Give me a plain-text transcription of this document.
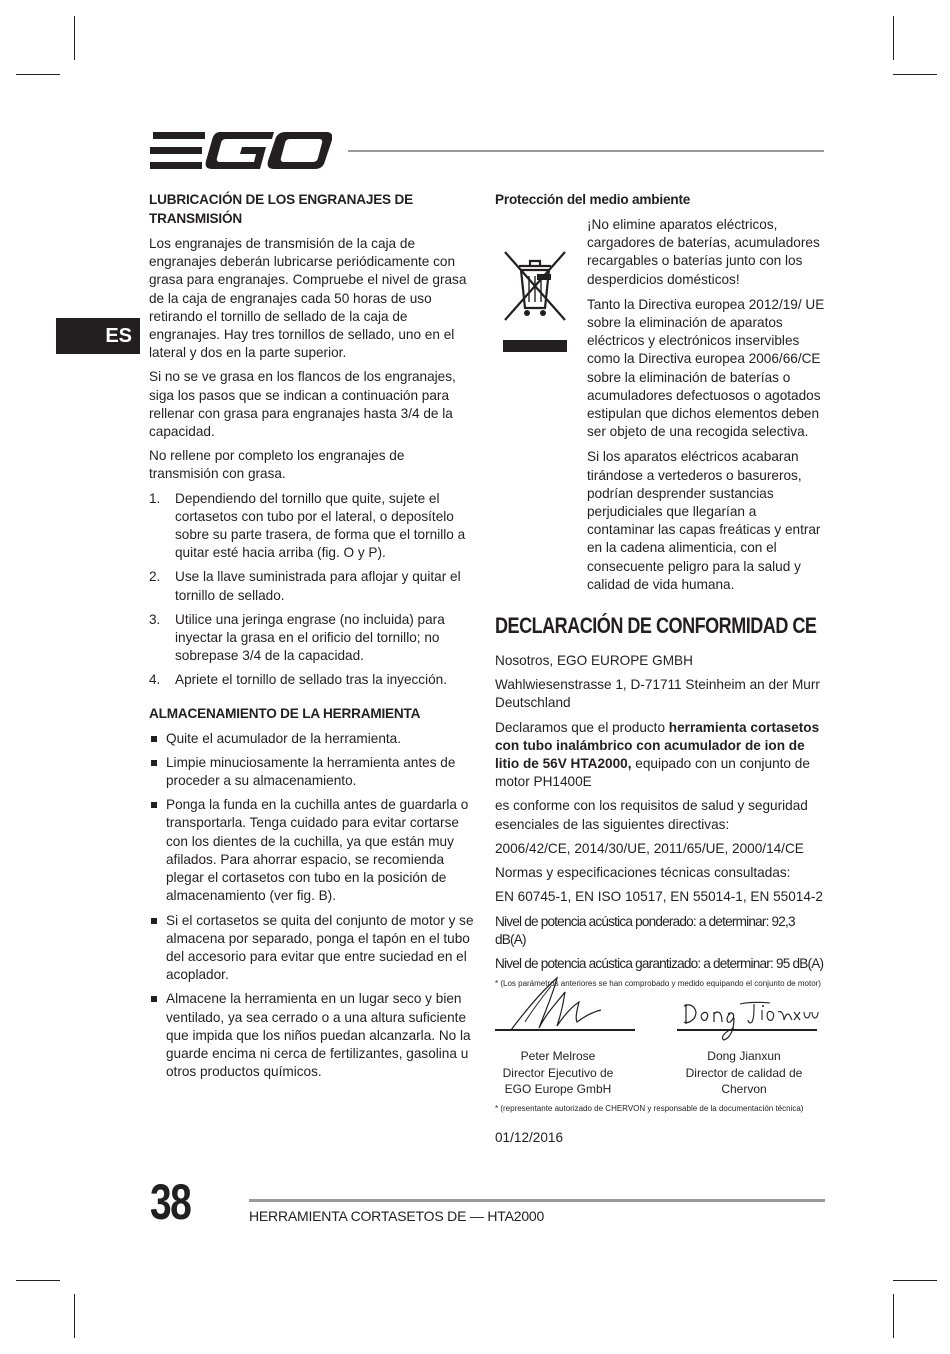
ES
LUBRICACIÓN DE LOS ENGRANAJES DE TRANSMISIÓN
Los engranajes de transmisión de la caja de engranajes deberán lubricarse periódicamente con grasa para engranajes. Compruebe el nivel de grasa de la caja de engranajes cada 50 horas de uso retirando el tornillo de sellado de la caja de engranajes. Hay tres tornillos de sellado, uno en el lateral y dos en la parte superior.
Si no se ve grasa en los flancos de los engranajes, siga los pasos que se indican a continuación para rellenar con grasa para engranajes hasta 3/4 de la capacidad.
No rellene por completo los engranajes de transmisión con grasa.
1. Dependiendo del tornillo que quite, sujete el cortasetos con tubo por el lateral, o deposítelo sobre su parte trasera, de forma que el tornillo a quitar esté hacia arriba (fig. O y P).
2. Use la llave suministrada para aflojar y quitar el tornillo de sellado.
3. Utilice una jeringa engrase (no incluida) para inyectar la grasa en el orificio del tornillo; no sobrepase 3/4 de la capacidad.
4. Apriete el tornillo de sellado tras la inyección.
ALMACENAMIENTO DE LA HERRAMIENTA
Quite el acumulador de la herramienta.
Limpie minuciosamente la herramienta antes de proceder a su almacenamiento.
Ponga la funda en la cuchilla antes de guardarla o transportarla. Tenga cuidado para evitar cortarse con los dientes de la cuchilla, ya que están muy afilados. Para ahorrar espacio, se recomienda plegar el cortasetos con tubo en la posición de almacenamiento (ver fig. B).
Si el cortasetos se quita del conjunto de motor y se almacena por separado, ponga el tapón en el tubo del accesorio para evitar que entre suciedad en el acoplador.
Almacene la herramienta en un lugar seco y bien ventilado, ya sea cerrado o a una altura suficiente que impida que los niños puedan alcanzarla. No la guarde encima ni cerca de fertilizantes, gasolina u otros productos químicos.
Protección del medio ambiente
¡No elimine aparatos eléctricos, cargadores de baterías, acumuladores recargables o baterías junto con los desperdicios domésticos!
Tanto la Directiva europea 2012/19/ UE sobre la eliminación de aparatos eléctricos y electrónicos inservibles como la Directiva europea 2006/66/CE sobre la eliminación de baterías o acumuladores defectuosos o agotados estipulan que dichos elementos deben ser objeto de una recogida selectiva.
Si los aparatos eléctricos acabaran tirándose a vertederos o basureros, podrían desprender sustancias perjudiciales que llegarían a contaminar las capas freáticas y entrar en la cadena alimenticia, con el consecuente peligro para la salud y calidad de vida humana.
DECLARACIÓN DE CONFORMIDAD CE
Nosotros, EGO EUROPE GMBH
Wahlwiesenstrasse 1, D-71711 Steinheim an der Murr Deutschland
Declaramos que el producto herramienta cortasetos con tubo inalámbrico con acumulador de ion de litio de 56V HTA2000, equipado con un conjunto de motor PH1400E
es conforme con los requisitos de salud y seguridad esenciales de las siguientes directivas:
2006/42/CE, 2014/30/UE, 2011/65/UE, 2000/14/CE
Normas y especificaciones técnicas consultadas:
EN 60745-1, EN ISO 10517, EN 55014-1, EN 55014-2
Nivel de potencia acústica ponderado: a determinar: 92,3 dB(A)
Nivel de potencia acústica garantizado: a determinar: 95 dB(A)
* (Los parámetros anteriores se han comprobado y medido equipando el conjunto de motor)
Peter Melrose
Director Ejecutivo de
EGO Europe GmbH
Dong Jianxun
Director de calidad de
Chervon
* (representante autorizado de CHERVON y responsable de la documentación técnica)
01/12/2016
38	HERRAMIENTA CORTASETOS DE — HTA2000
